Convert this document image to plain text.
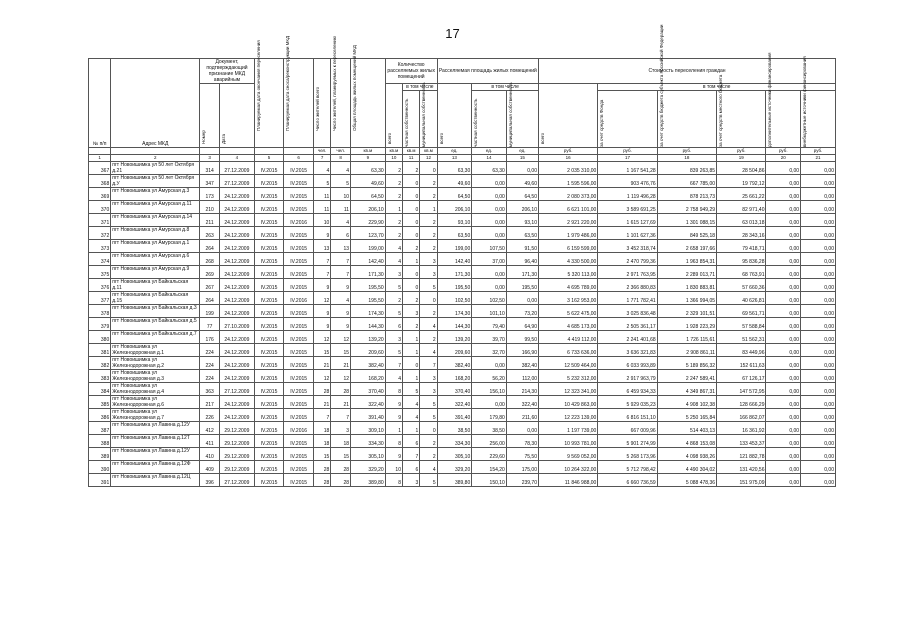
17
№ п/п	Адрес МКД	Документ, подтверждающий признание МКД аварийным		Планируемая дата окончания переселения	Планируемая дата сноса/реконструкции МКД	Число жителей всего	Число жителей, планируемых к переселению	Общая площадь жилых помещений МКД	Количество расселяемых жилых помещений			Расселяемая площадь жилых помещений			Стоимость переселения граждан					

		Номер	Дата						всего	в том числе		всего	в том числе		всего	в том числе				

										частная собственность	муниципальная собственность		частная собственность	муниципальная собственность		за счет средств Фонда	за счет средств бюджета субъекта Российской Федерации	за счет средств местного бюджета	дополнительные источники финансирования	внебюджетные источники финансирования

						чел.	чел.	кв.м	кв.м	кв.м	кв.м	ед.	ед.	ед.	руб.	руб.	руб.	руб.	руб.	руб.
1	2	3	4	5	6	7	8	9	10	11	12	13	14	15	16	17	18	19	20	21
367	пгт Новоишимка ул 50 лет Октября д.21	314	27.12.2009	IV.2015	IV.2015	4	4	63,30	2	2	0	63,30	63,30	0,00	2 035 310,00	1 167 541,28	839 263,85	28 504,86	0,00	0,00
368	пгт Новоишимка ул 50 лет Октября д.У	347	27.12.2009	IV.2015	IV.2015	5	5	49,60	2	0	2	49,60	0,00	49,60	1 595 596,00	903 476,76	667 785,00	19 792,12	0,00	0,00
369	пгт Новоишимка ул Амурская д.3	173	24.12.2009	IV.2015	IV.2015	11	10	64,50	2	0	2	64,50	0,00	64,50	2 080 373,00	1 119 496,28	878 213,73	25 661,22	0,00	0,00
370	пгт Новоишимка ул Амурская д.11	210	24.12.2009	IV.2015	IV.2015	11	11	206,10	1	0	1	206,10	0,00	206,10	6 621 101,00	3 589 691,25	2 758 949,29	82 971,40	0,00	0,00
371	пгт Новоишимка ул Амурская д.14	211	24.12.2009	IV.2015	IV.2016	10	4	229,90	2	0	2	93,10	0,00	93,10	2 921 220,00	1 615 127,69	1 301 088,15	63 013,18	0,00	0,00
372	пгт Новоишимка ул Амурская д.8	263	24.12.2009	IV.2015	IV.2015	9	6	123,70	2	0	2	63,50	0,00	63,50	1 979 486,00	1 101 627,36	849 525,18	28 343,16	0,00	0,00
373	пгт Новоишимка ул Амурская д.1	264	24.12.2009	IV.2015	IV.2015	13	13	199,00	4	2	2	199,00	107,50	91,50	6 159 599,00	3 452 318,74	2 658 197,66	79 418,71	0,00	0,00
374	пгт Новоишимка ул Амурская д.6	268	24.12.2009	IV.2015	IV.2015	7	7	142,40	4	1	3	142,40	37,00	96,40	4 330 500,00	2 470 799,36	1 963 854,31	95 836,28	0,00	0,00
375	пгт Новоишимка ул Амурская д.9	269	24.12.2009	IV.2015	IV.2015	7	7	171,30	3	0	3	171,30	0,00	171,30	5 320 113,00	2 971 763,95	2 289 013,71	68 763,91	0,00	0,00
376	пгт Новоишимка ул Байкальская д.11	267	24.12.2009	IV.2015	IV.2015	9	9	195,50	5	0	5	195,50	0,00	195,50	4 695 789,00	2 366 880,83	1 830 883,81	57 660,36	0,00	0,00
377	пгт Новоишимка ул Байкальская д.15	264	24.12.2009	IV.2015	IV.2016	12	4	195,50	2	2	0	102,50	102,50	0,00	3 162 953,00	1 771 782,41	1 366 994,05	40 626,81	0,00	0,00
378	пгт Новоишимка ул Байкальская д.3	199	24.12.2009	IV.2015	IV.2015	9	9	174,30	5	3	2	174,30	101,10	73,20	5 622 475,00	3 025 836,48	2 329 101,51	69 561,71	0,00	0,00
379	пгт Новоишимка ул Байкальская д.5	77	27.10.2009	IV.2015	IV.2015	9	9	144,30	6	2	4	144,30	79,40	64,90	4 685 173,00	2 505 361,17	1 928 223,29	57 588,84	0,00	0,00
380	пгт Новоишимка ул Байкальская д.7	176	24.12.2009	IV.2015	IV.2015	12	12	139,20	3	1	2	139,20	39,70	99,50	4 419 112,00	2 241 401,68	1 726 115,61	51 562,31	0,00	0,00
381	пгт Новоишимка ул Железнодорожная д.1	224	24.12.2009	IV.2015	IV.2015	15	15	209,60	5	1	4	209,60	32,70	166,90	6 733 636,00	3 636 321,83	2 908 861,11	83 449,96	0,00	0,00
382	пгт Новоишимка ул Железнодорожная д.2	224	24.12.2009	IV.2015	IV.2015	21	21	382,40	7	0	7	382,40	0,00	382,40	12 509 464,00	6 033 993,89	5 189 856,32	152 611,63	0,00	0,00
383	пгт Новоишимка ул Железнодорожная д.3	224	24.12.2009	IV.2015	IV.2015	12	12	168,20	4	1	3	168,20	56,20	112,00	5 232 312,00	2 917 963,79	2 247 589,41	67 126,17	0,00	0,00
384	пгт Новоишимка ул Железнодорожная д.4	363	27.12.2009	IV.2015	IV.2015	28	28	370,40	8	5	3	370,40	156,10	214,30	12 323 341,00	6 459 934,33	4 349 867,31	147 572,95	0,00	0,00
385	пгт Новоишимка ул Железнодорожная д.6	217	24.12.2009	IV.2015	IV.2015	21	21	322,40	9	4	5	322,40	0,00	322,40	10 429 863,00	5 929 035,23	4 908 102,38	128 666,29	0,00	0,00
386	пгт Новоишимка ул Железнодорожная д.7	226	24.12.2009	IV.2015	IV.2015	7	7	391,40	9	4	5	391,40	179,80	211,60	12 223 139,00	6 816 151,10	5 250 165,84	166 862,07	0,00	0,00
387	пгт Новоишимка ул Лавина д.12У	412	29.12.2009	IV.2015	IV.2016	18	3	309,10	1	1	0	38,50	38,50	0,00	1 197 739,00	667 009,96	514 403,13	16 361,92	0,00	0,00
388	пгт Новоишимка ул Лавина д.12Т	411	29.12.2009	IV.2015	IV.2015	18	18	334,30	8	6	2	334,30	256,00	78,30	10 993 781,00	5 901 274,99	4 868 153,08	133 453,37	0,00	0,00
389	пгт Новоишимка ул Лавина д.12У	410	29.12.2009	IV.2015	IV.2015	15	15	305,10	9	7	2	305,10	229,60	75,50	9 569 052,00	5 268 173,96	4 098 938,26	121 882,78	0,00	0,00
390	пгт Новоишимка ул Лавина д.12Ф	409	29.12.2009	IV.2015	IV.2015	28	28	329,20	10	6	4	329,20	154,20	175,00	10 264 322,00	5 712 798,42	4 490 304,02	131 420,56	0,00	0,00
391	пгт Новоишимка ул Лавина д.12Ц	396	27.12.2009	IV.2015	IV.2015	28	28	389,80	8	3	5	389,80	150,10	239,70	11 846 988,00	6 660 736,59	5 088 478,36	151 975,09	0,00	0,00
